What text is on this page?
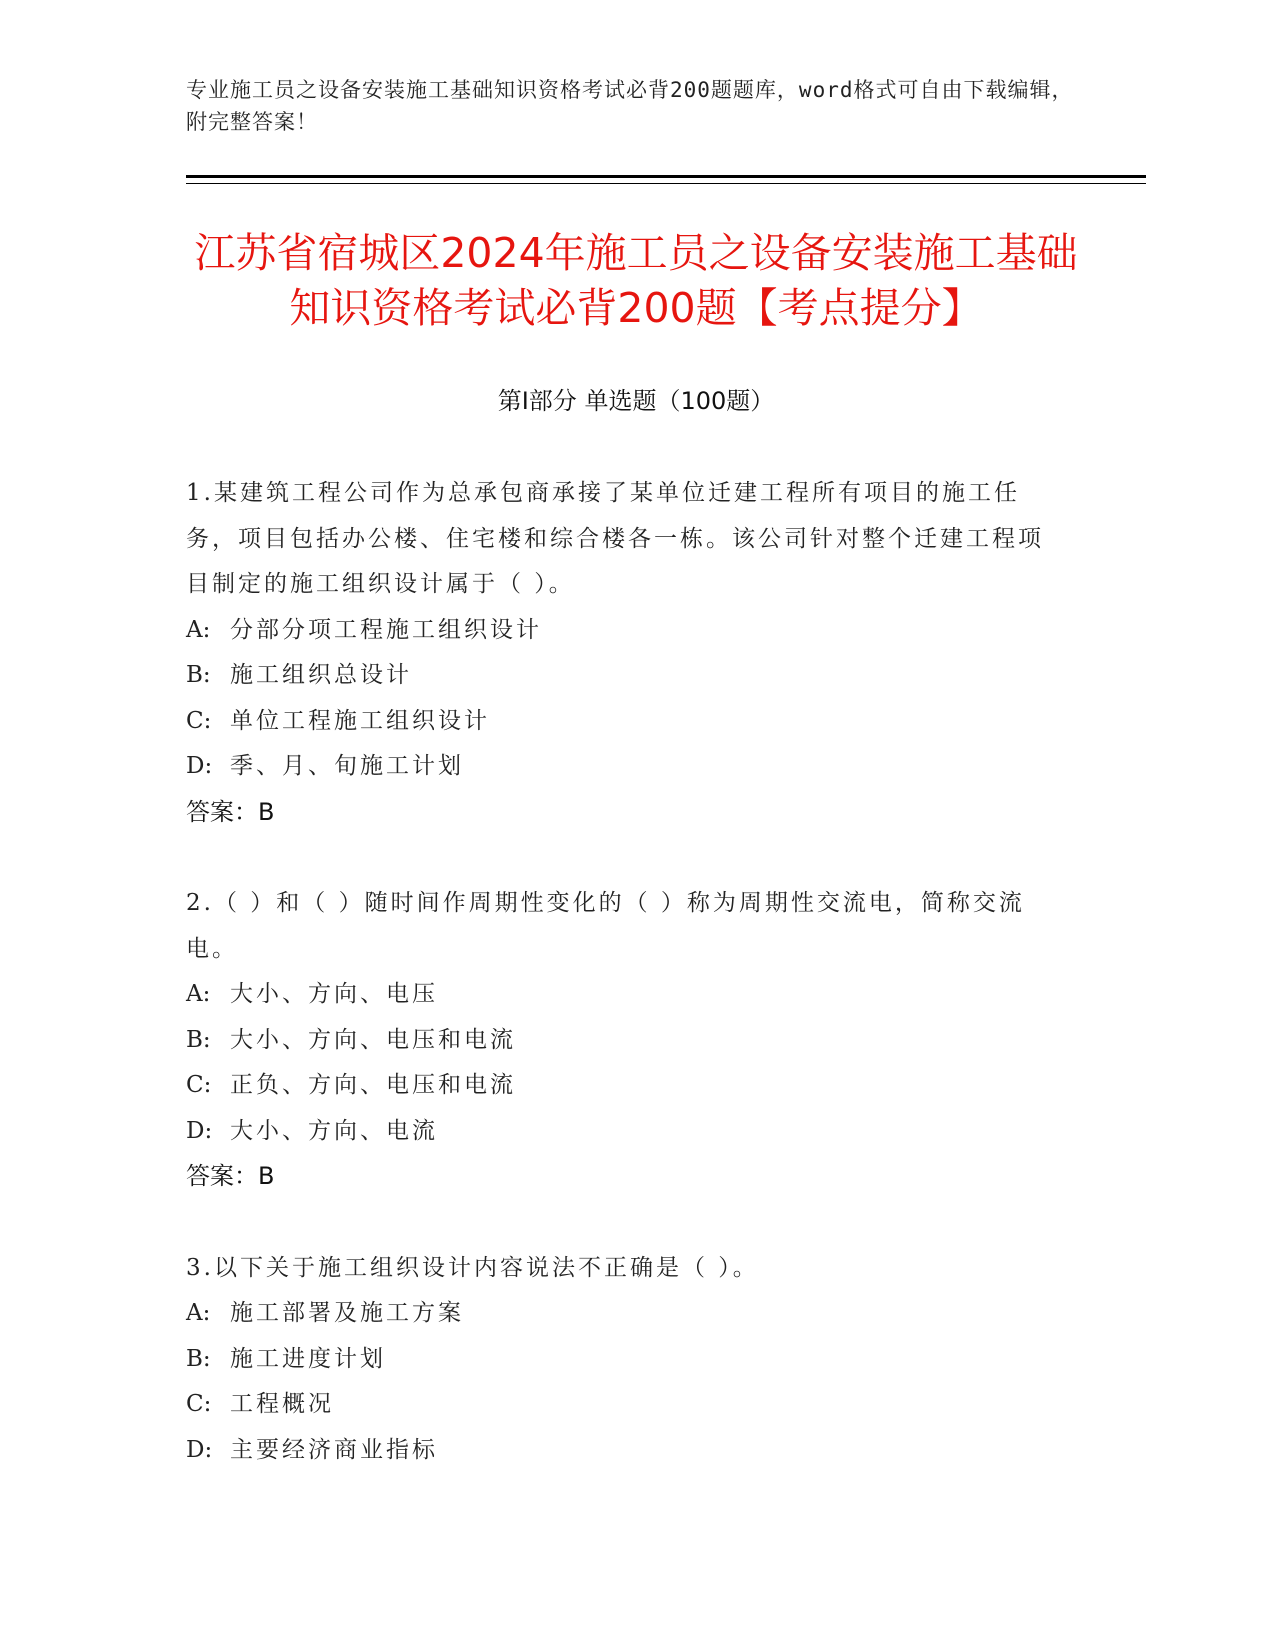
专业施工员之设备安装施工基础知识资格考试必背200题题库，word格式可自由下载编辑，附完整答案！
江苏省宿城区2024年施工员之设备安装施工基础知识资格考试必背200题【考点提分】
第Ⅰ部分 单选题（100题）
1.某建筑工程公司作为总承包商承接了某单位迁建工程所有项目的施工任务，项目包括办公楼、住宅楼和综合楼各一栋。该公司针对整个迁建工程项目制定的施工组织设计属于（ ）。
A: 分部分项工程施工组织设计
B: 施工组织总设计
C: 单位工程施工组织设计
D: 季、月、旬施工计划
答案：B
2.（ ）和（ ）随时间作周期性变化的（ ）称为周期性交流电，简称交流电。
A: 大小、方向、电压
B: 大小、方向、电压和电流
C: 正负、方向、电压和电流
D: 大小、方向、电流
答案：B
3.以下关于施工组织设计内容说法不正确是（ ）。
A: 施工部署及施工方案
B: 施工进度计划
C: 工程概况
D: 主要经济商业指标
